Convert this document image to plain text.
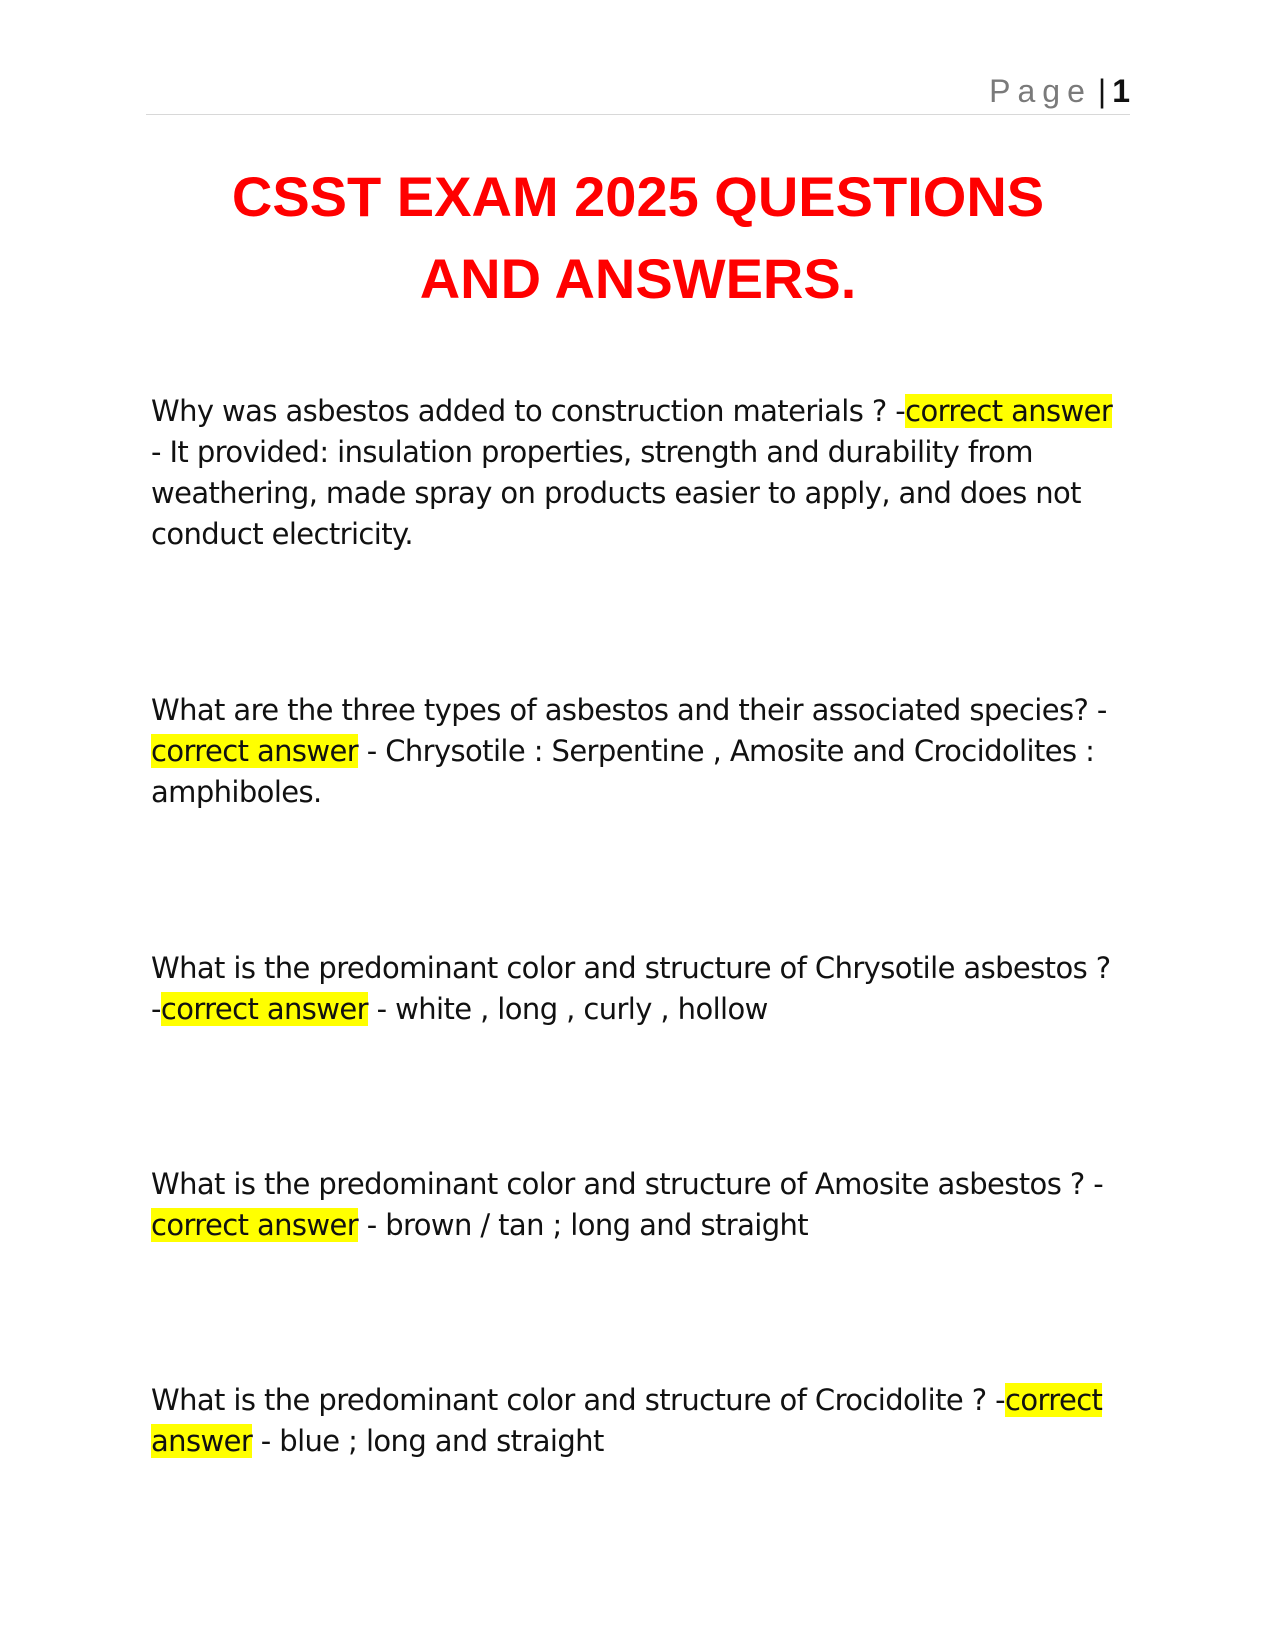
Page | 1
CSST EXAM 2025 QUESTIONS
AND ANSWERS.

Why was asbestos added to construction materials ? -correct answer - It provided: insulation properties, strength and durability from weathering, made spray on products easier to apply, and does not conduct electricity.

What are the three types of asbestos and their associated species? -correct answer - Chrysotile : Serpentine , Amosite and Crocidolites : amphiboles.

What is the predominant color and structure of Chrysotile asbestos ? -correct answer - white , long , curly , hollow

What is the predominant color and structure of Amosite asbestos ? -correct answer - brown / tan ; long and straight

What is the predominant color and structure of Crocidolite ? -correct answer - blue ; long and straight
